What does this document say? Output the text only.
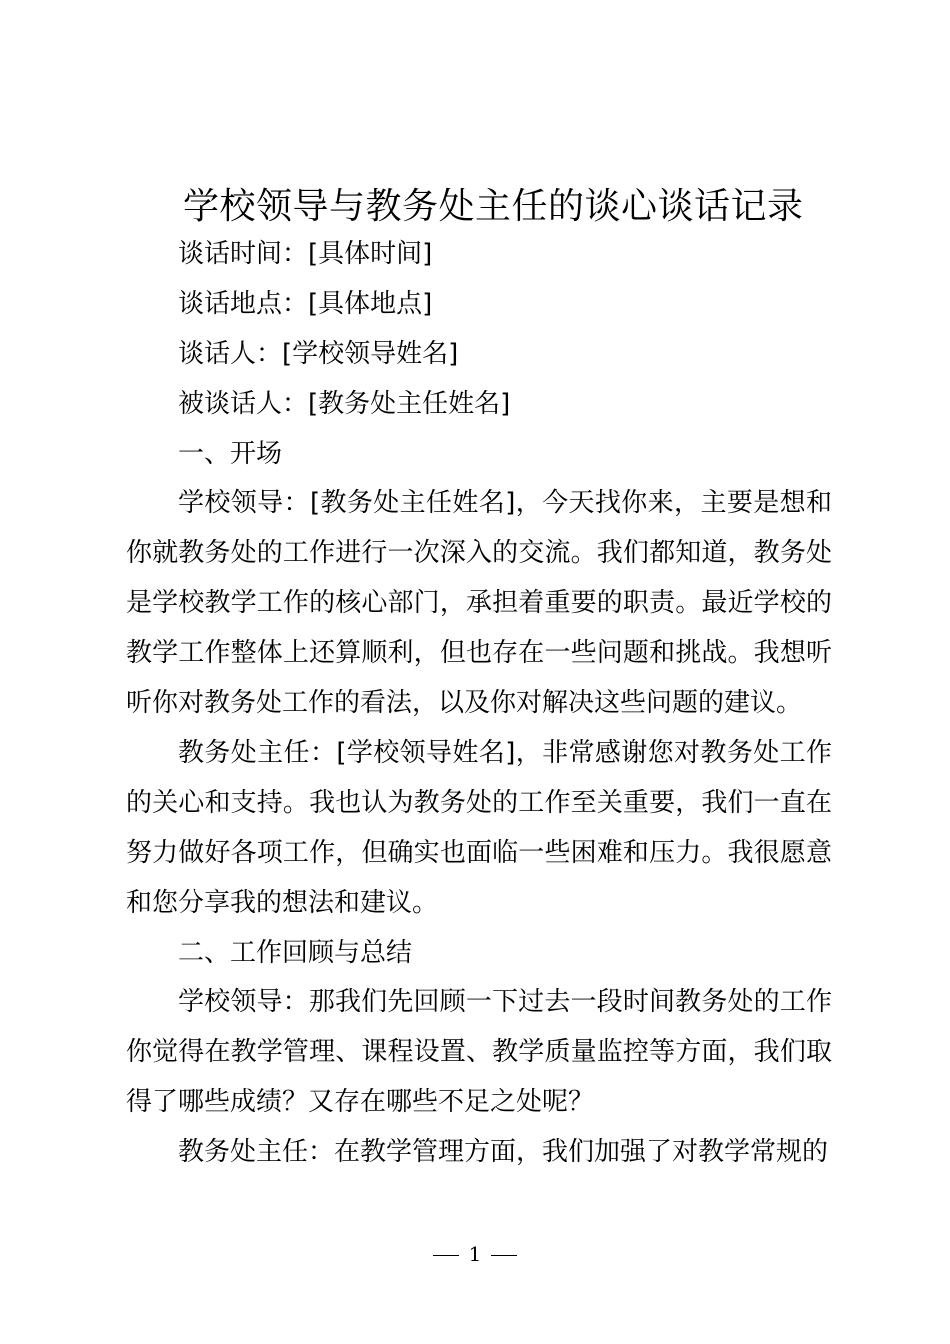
学校领导与教务处主任的谈心谈话记录
谈话时间：[具体时间]
谈话地点：[具体地点]
谈话人：[学校领导姓名]
被谈话人：[教务处主任姓名]
一、开场

学校领导：[教务处主任姓名]，今天找你来，主要是想和你就教务处的工作进行一次深入的交流。我们都知道，教务处是学校教学工作的核心部门，承担着重要的职责。最近学校的教学工作整体上还算顺利，但也存在一些问题和挑战。我想听听你对教务处工作的看法，以及你对解决这些问题的建议。

教务处主任：[学校领导姓名]，非常感谢您对教务处工作的关心和支持。我也认为教务处的工作至关重要，我们一直在努力做好各项工作，但确实也面临一些困难和压力。我很愿意和您分享我的想法和建议。

二、工作回顾与总结

学校领导：那我们先回顾一下过去一段时间教务处的工作你觉得在教学管理、课程设置、教学质量监控等方面，我们取得了哪些成绩？又存在哪些不足之处呢？

教务处主任：在教学管理方面，我们加强了对教学常规的

1
